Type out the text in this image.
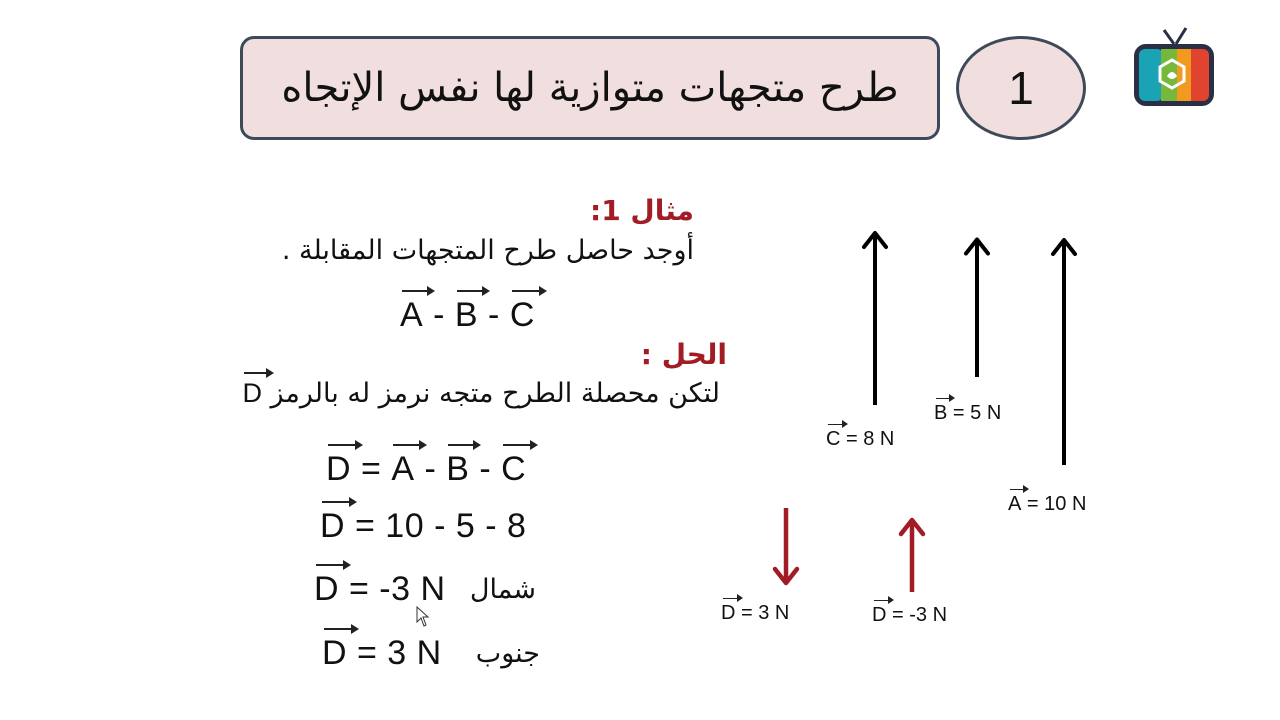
طرح متجهات متوازية لها نفس الإتجاه 1
مثال 1:
أوجد حاصل طرح المتجهات المقابلة .
A - B - C
الحل :
لتكن محصلة الطرح متجه نرمز له بالرمز D
D = A - B - C
D = 10 - 5 - 8
D = -3 N شمال
D = 3 N جنوب
C = 8 N
B = 5 N
A = 10 N
D = 3 N	D = -3 N
